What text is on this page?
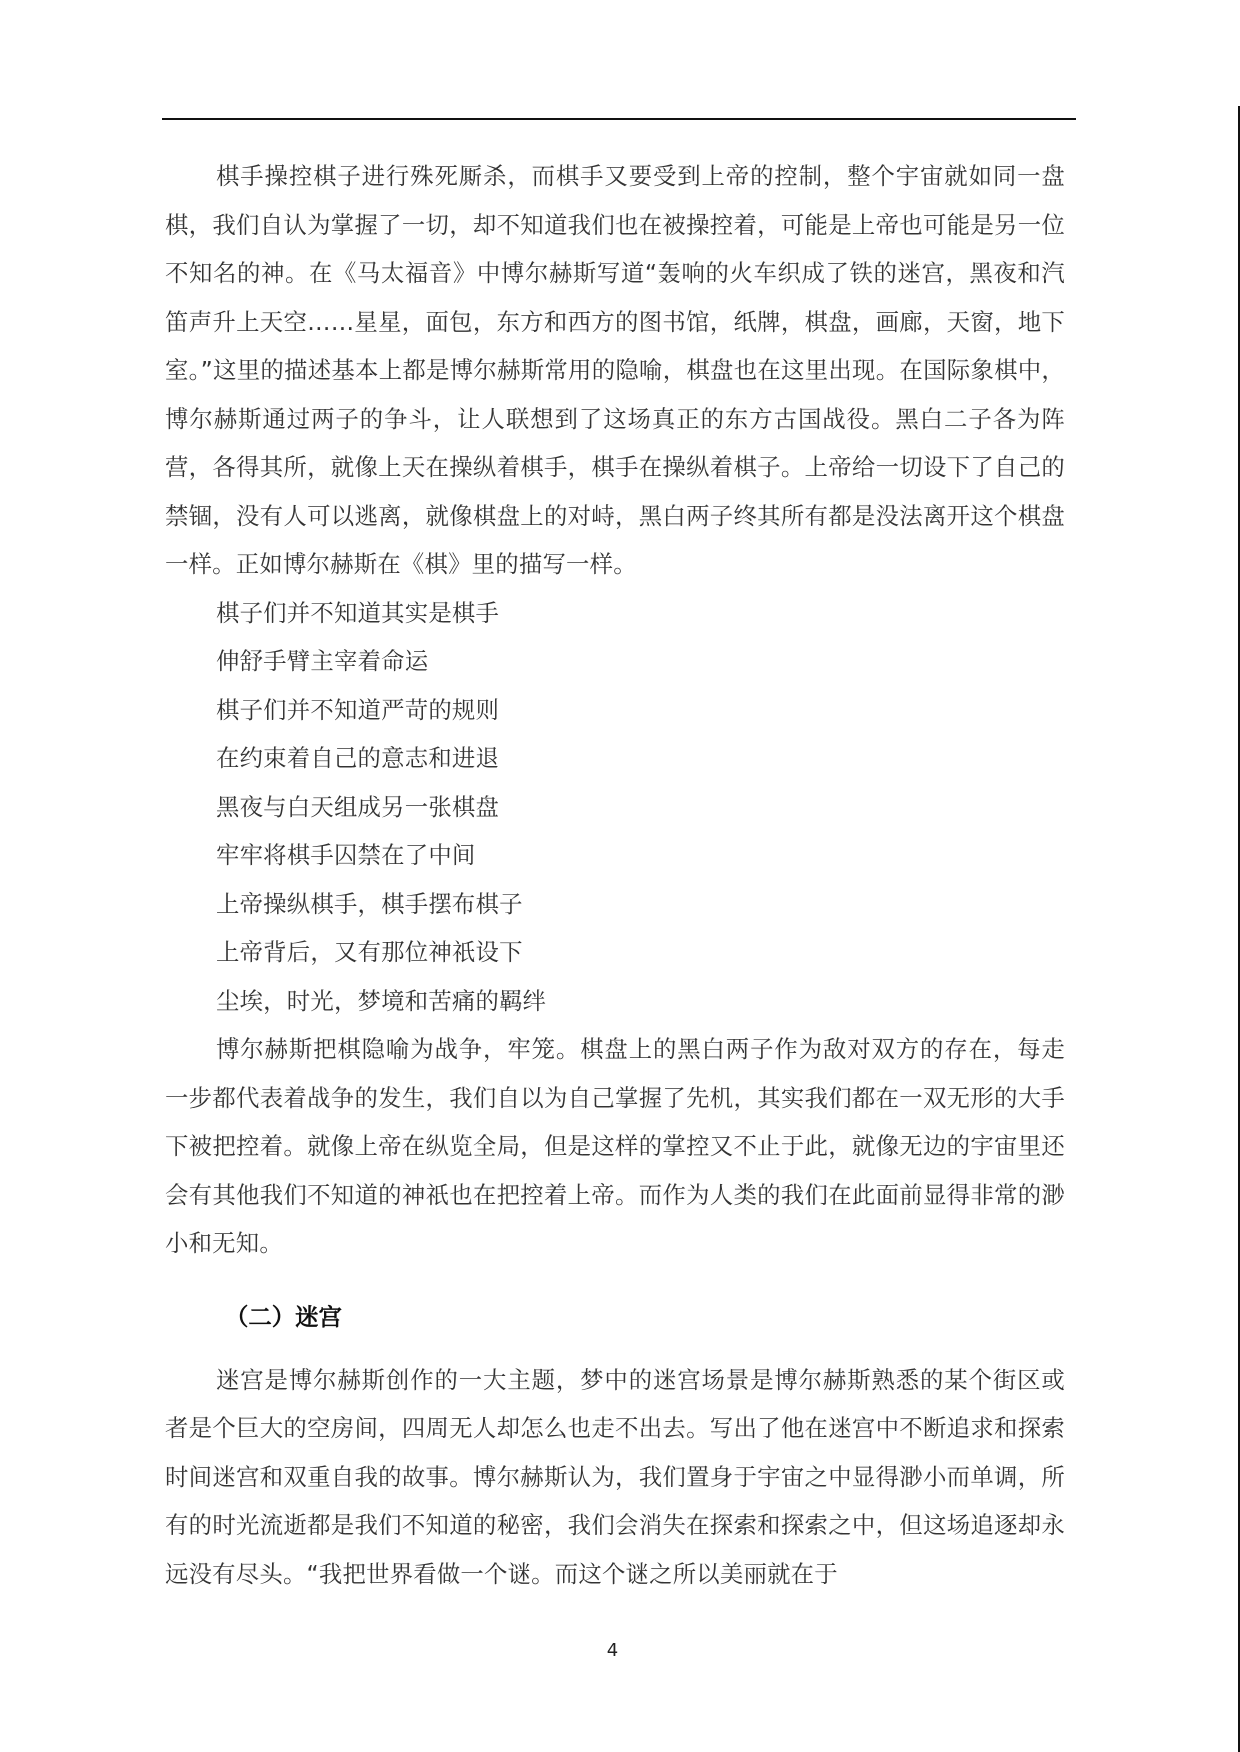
棋手操控棋子进行殊死厮杀，而棋手又要受到上帝的控制，整个宇宙就如同一盘棋，我们自认为掌握了一切，却不知道我们也在被操控着，可能是上帝也可能是另一位不知名的神。在《马太福音》中博尔赫斯写道“轰响的火车织成了铁的迷宫，黑夜和汽笛声升上天空……星星，面包，东方和西方的图书馆，纸牌，棋盘，画廊，天窗，地下室。”这里的描述基本上都是博尔赫斯常用的隐喻，棋盘也在这里出现。在国际象棋中，博尔赫斯通过两子的争斗，让人联想到了这场真正的东方古国战役。黑白二子各为阵营，各得其所，就像上天在操纵着棋手，棋手在操纵着棋子。上帝给一切设下了自己的禁锢，没有人可以逃离，就像棋盘上的对峙，黑白两子终其所有都是没法离开这个棋盘一样。正如博尔赫斯在《棋》里的描写一样。

棋子们并不知道其实是棋手
伸舒手臂主宰着命运
棋子们并不知道严苛的规则
在约束着自己的意志和进退
黑夜与白天组成另一张棋盘
牢牢将棋手囚禁在了中间
上帝操纵棋手，棋手摆布棋子
上帝背后，又有那位神祇设下
尘埃，时光，梦境和苦痛的羁绊

博尔赫斯把棋隐喻为战争，牢笼。棋盘上的黑白两子作为敌对双方的存在，每走一步都代表着战争的发生，我们自以为自己掌握了先机，其实我们都在一双无形的大手下被把控着。就像上帝在纵览全局，但是这样的掌控又不止于此，就像无边的宇宙里还会有其他我们不知道的神祇也在把控着上帝。而作为人类的我们在此面前显得非常的渺小和无知。

（二）迷宫

迷宫是博尔赫斯创作的一大主题，梦中的迷宫场景是博尔赫斯熟悉的某个街区或者是个巨大的空房间，四周无人却怎么也走不出去。写出了他在迷宫中不断追求和探索时间迷宫和双重自我的故事。博尔赫斯认为，我们置身于宇宙之中显得渺小而单调，所有的时光流逝都是我们不知道的秘密，我们会消失在探索和探索之中，但这场追逐却永远没有尽头。“我把世界看做一个谜。而这个谜之所以美丽就在于

4
